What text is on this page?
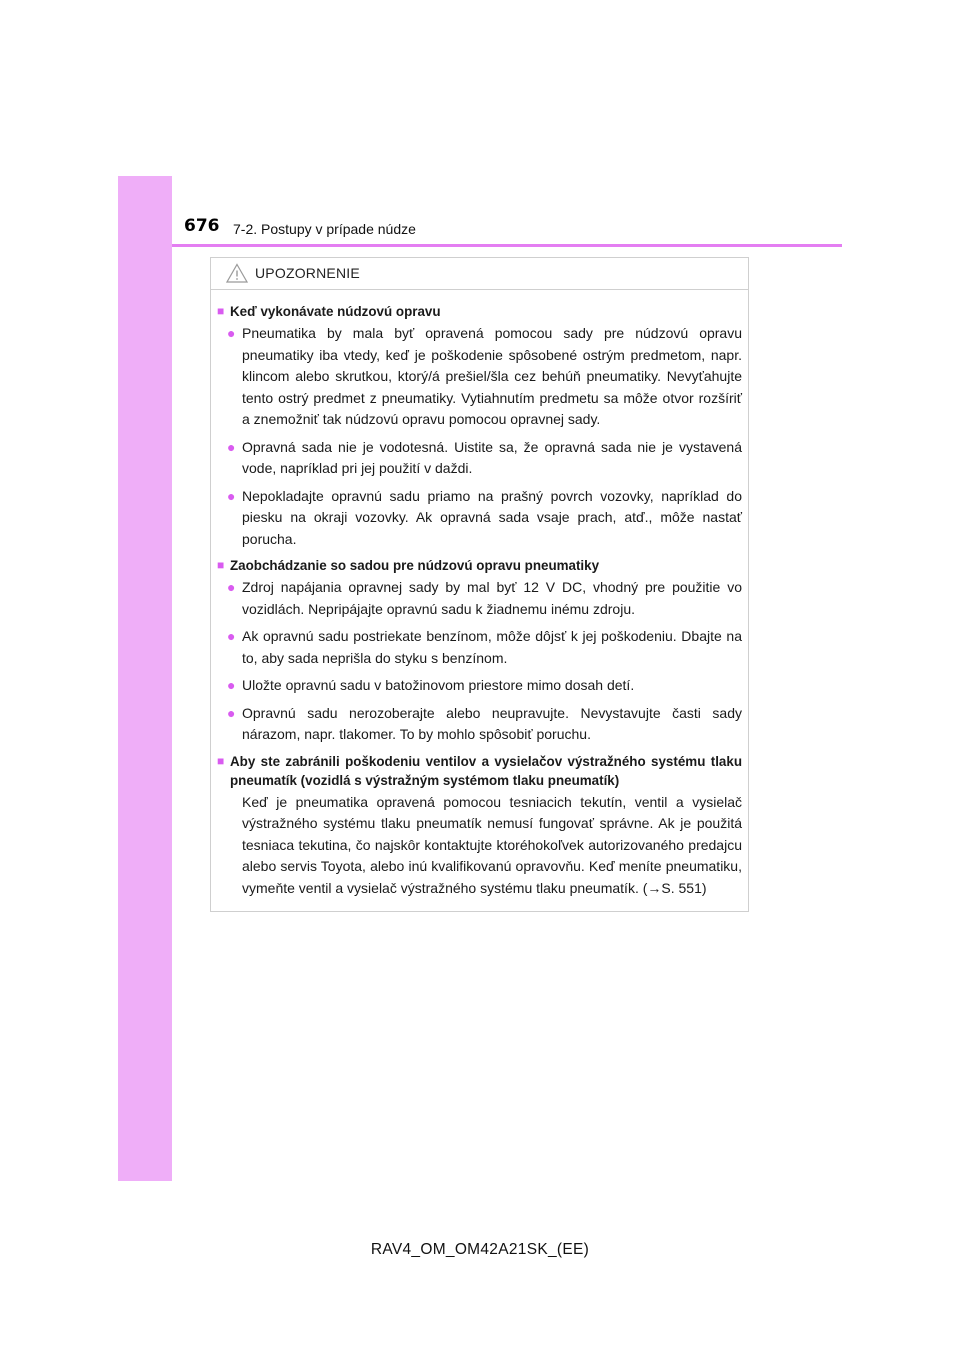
676 7-2. Postupy v prípade núdze
UPOZORNENIE
■ Keď vykonávate núdzovú opravu
● Pneumatika by mala byť opravená pomocou sady pre núdzovú opravu pneumatiky iba vtedy, keď je poškodenie spôsobené ostrým predmetom, napr. klincom alebo skrutkou, ktorý/á prešiel/šla cez behúň pneumatiky. Nevyťahujte tento ostrý predmet z pneumatiky. Vytiahnutím predmetu sa môže otvor rozšíriť a znemožniť tak núdzovú opravu pomocou opravnej sady.
● Opravná sada nie je vodotesná. Uistite sa, že opravná sada nie je vystavená vode, napríklad pri jej použití v daždi.
● Nepokladajte opravnú sadu priamo na prašný povrch vozovky, napríklad do piesku na okraji vozovky. Ak opravná sada vsaje prach, atď., môže nastať porucha.
■ Zaobchádzanie so sadou pre núdzovú opravu pneumatiky
● Zdroj napájania opravnej sady by mal byť 12 V DC, vhodný pre použitie vo vozidlách. Nepripájajte opravnú sadu k žiadnemu inému zdroju.
● Ak opravnú sadu postriekate benzínom, môže dôjsť k jej poškodeniu. Dbajte na to, aby sada neprišla do styku s benzínom.
● Uložte opravnú sadu v batožinovom priestore mimo dosah detí.
● Opravnú sadu nerozoberajte alebo neupravujte. Nevystavujte časti sady nárazom, napr. tlakomer. To by mohlo spôsobiť poruchu.
■ Aby ste zabránili poškodeniu ventilov a vysielačov výstražného systému tlaku pneumatík (vozidlá s výstražným systémom tlaku pneumatík)

Keď je pneumatika opravená pomocou tesniacich tekutín, ventil a vysielač výstražného systému tlaku pneumatík nemusí fungovať správne. Ak je použitá tesniaca tekutina, čo najskôr kontaktujte ktoréhokoľvek autorizovaného predajcu alebo servis Toyota, alebo inú kvalifikovanú opravovňu. Keď meníte pneumatiku, vymeňte ventil a vysielač výstražného systému tlaku pneumatík. (→S. 551)

RAV4_OM_OM42A21SK_(EE)
